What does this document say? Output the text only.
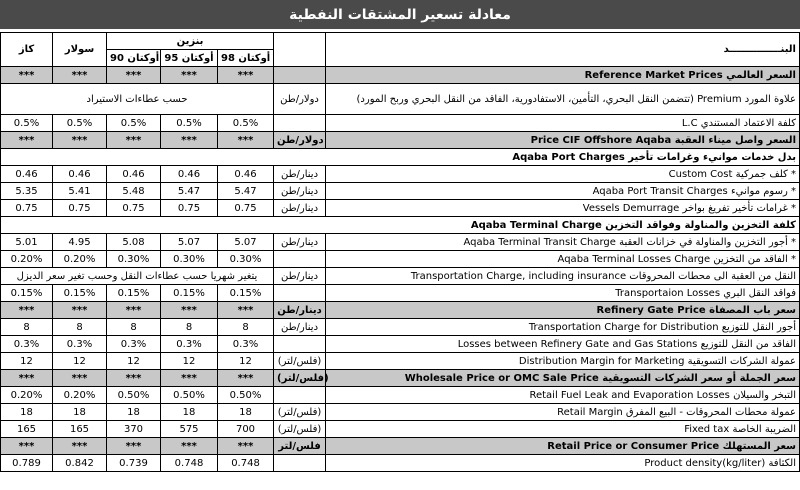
معادلة تسعير المشتقات النفطية
كاز	سولار	بنزين				البنـــــــــــــــد
		أوكتان 90	أوكتان 95	أوكتان 98		
***	***	***	***	***		السعر العالمي Reference Market Prices
حسب عطاءات الاستيراد					دولار/طن	علاوة المورد Premium (تتضمن النقل البحري، التأمين، الاستفادورية، الفاقد من النقل البحري وربح المورد)
0.5%	0.5%	0.5%	0.5%	0.5%		كلفة الاعتماد المستندي L.C
***	***	***	***	***	دولار/طن	السعر واصل ميناء العقبة Price CIF Offshore Aqaba
بدل خدمات موانيء وغرامات تأخير Aqaba Port Charges						
0.46	0.46	0.46	0.46	0.46	دينار/طن	* كلف جمركية Custom Cost
5.35	5.41	5.48	5.47	5.47	دينار/طن	* رسوم موانيء Aqaba Port Transit Charges
0.75	0.75	0.75	0.75	0.75	دينار/طن	* غرامات تأخير تفريغ بواخر Vessels Demurrage
كلفة التخزين والمناولة وفواقد التخزين Aqaba Terminal Charge						
5.01	4.95	5.08	5.07	5.07	دينار/طن	* أجور التخزين والمناولة في خزانات العقبة Aqaba Terminal Transit Charge
0.20%	0.20%	0.30%	0.30%	0.30%		* الفاقد من التخزين Aqaba Terminal Losses Charge
يتغير شهريا حسب عطاءات النقل وحسب تغير سعر الديزل					دينار/طن	النقل من العقبة الى محطات المحروقات Transportation Charge, including insurance
0.15%	0.15%	0.15%	0.15%	0.15%		فواقد النقل البري Transportaion Losses
***	***	***	***	***	دينار/طن	سعر باب المصفاة Refinery Gate Price
8	8	8	8	8	دينار/طن	أجور النقل للتوزيع Transportation Charge for Distribution
0.3%	0.3%	0.3%	0.3%	0.3%		الفاقد من النقل للتوزيع Losses between Refinery Gate and Gas Stations
12	12	12	12	12	(فلس/لتر)	عمولة الشركات التسويقية Distribution Margin for Marketing
***	***	***	***	***	(فلس/لتر)	سعر الجملة أو سعر الشركات التسويقية Wholesale Price or OMC Sale Price
0.20%	0.20%	0.50%	0.50%	0.50%		التبخر والسيلان Retail Fuel Leak and Evaporation Losses
18	18	18	18	18	(فلس/لتر)	عمولة محطات المحروقات - البيع المفرق Retail Margin
165	165	370	575	700	(فلس/لتر)	الضريبة الخاصة Fixed tax
***	***	***	***	***	فلس/لتر	سعر المستهلك Retail Price or Consumer Price
0.789	0.842	0.739	0.748	0.748		الكثافة (kg/liter)Product density
